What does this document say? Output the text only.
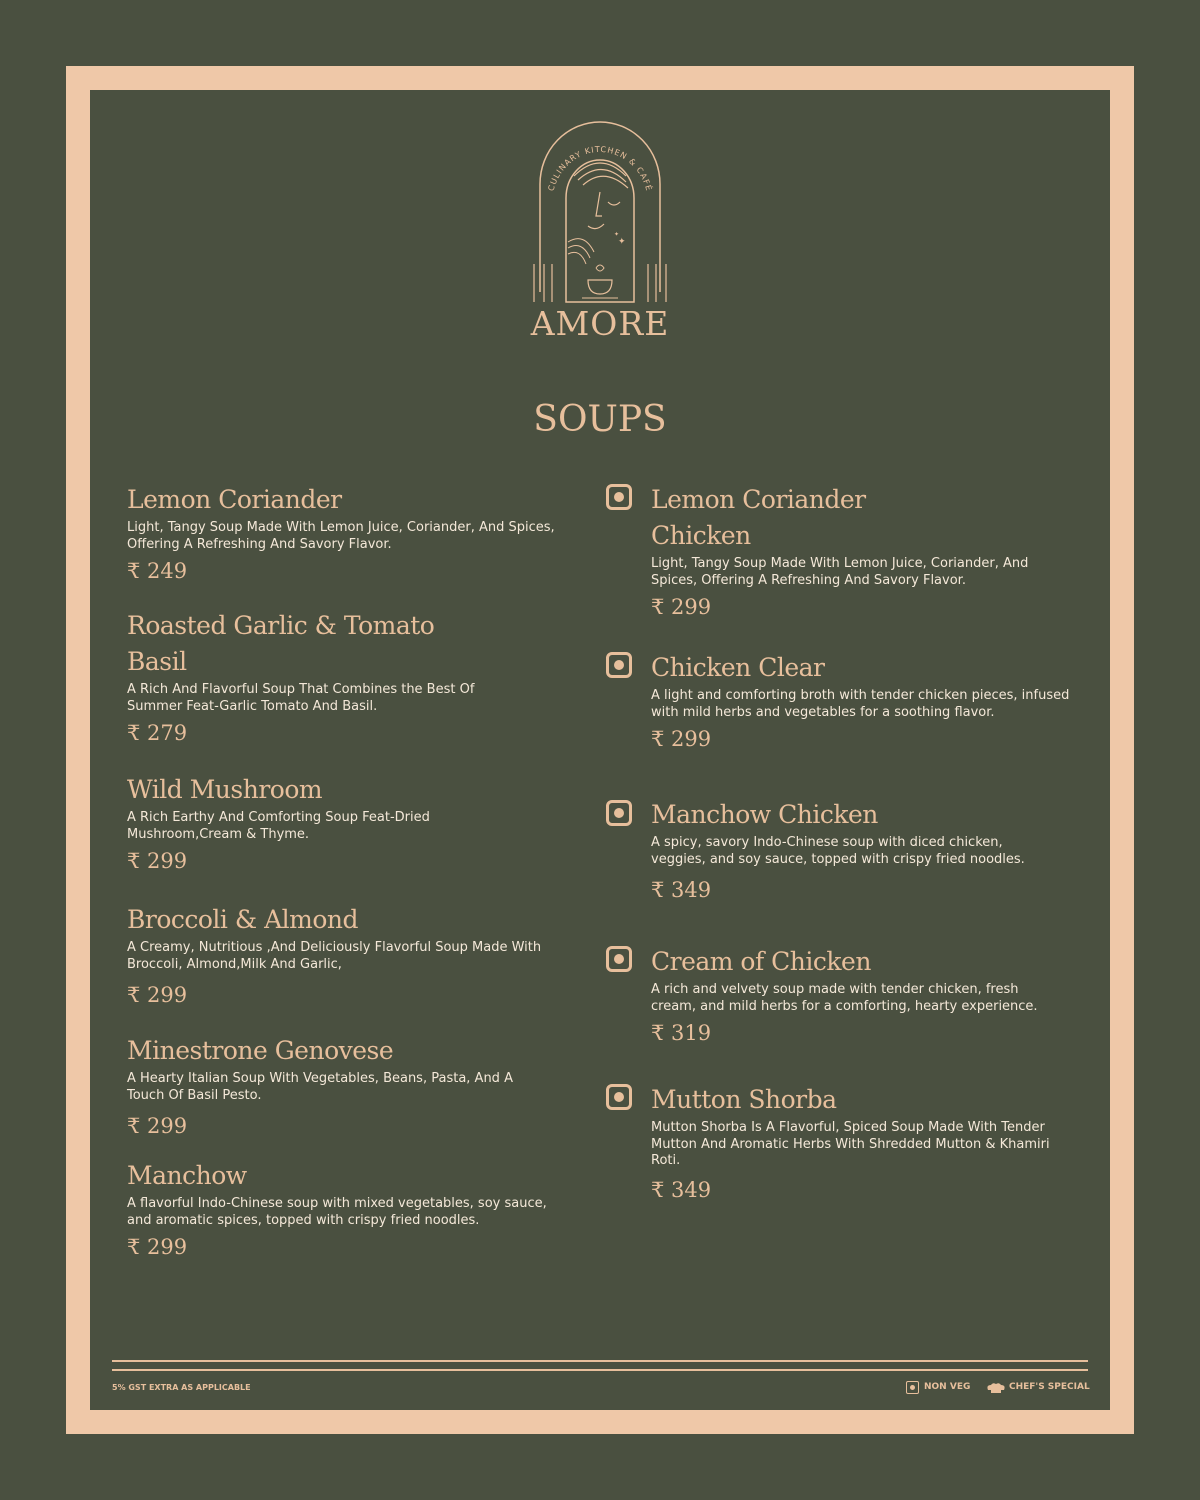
CULINARY KITCHEN & CAFÉ
✦
✦
AMORE
SOUPS
Lemon Coriander
Light, Tangy Soup Made With Lemon Juice, Coriander, And Spices, Offering A Refreshing And Savory Flavor.
₹ 249
Roasted Garlic & Tomato Basil
A Rich And Flavorful Soup That Combines the Best Of Summer Feat-Garlic Tomato And Basil.
₹ 279
Wild Mushroom
A Rich Earthy And Comforting Soup Feat-Dried Mushroom,Cream & Thyme.
₹ 299
Broccoli & Almond
A Creamy, Nutritious ,And Deliciously Flavorful Soup Made With Broccoli, Almond,Milk And Garlic,
₹ 299
Minestrone Genovese
A Hearty Italian Soup With Vegetables, Beans, Pasta, And A Touch Of Basil Pesto.
₹ 299
Manchow
A flavorful Indo-Chinese soup with mixed vegetables, soy sauce, and aromatic spices, topped with crispy fried noodles.
₹ 299
Lemon Coriander Chicken
Light, Tangy Soup Made With Lemon Juice, Coriander, And Spices, Offering A Refreshing And Savory Flavor.
₹ 299
Chicken Clear
A light and comforting broth with tender chicken pieces, infused with mild herbs and vegetables for a soothing flavor.
₹ 299
Manchow Chicken
A spicy, savory Indo-Chinese soup with diced chicken, veggies, and soy sauce, topped with crispy fried noodles.
₹ 349
Cream of Chicken
A rich and velvety soup made with tender chicken, fresh cream, and mild herbs for a comforting, hearty experience.
₹ 319
Mutton Shorba
Mutton Shorba Is A Flavorful, Spiced Soup Made With Tender Mutton And Aromatic Herbs With Shredded Mutton & Khamiri Roti.
₹ 349
5% GST EXTRA AS APPLICABLE	NON VEG	CHEF'S SPECIAL
